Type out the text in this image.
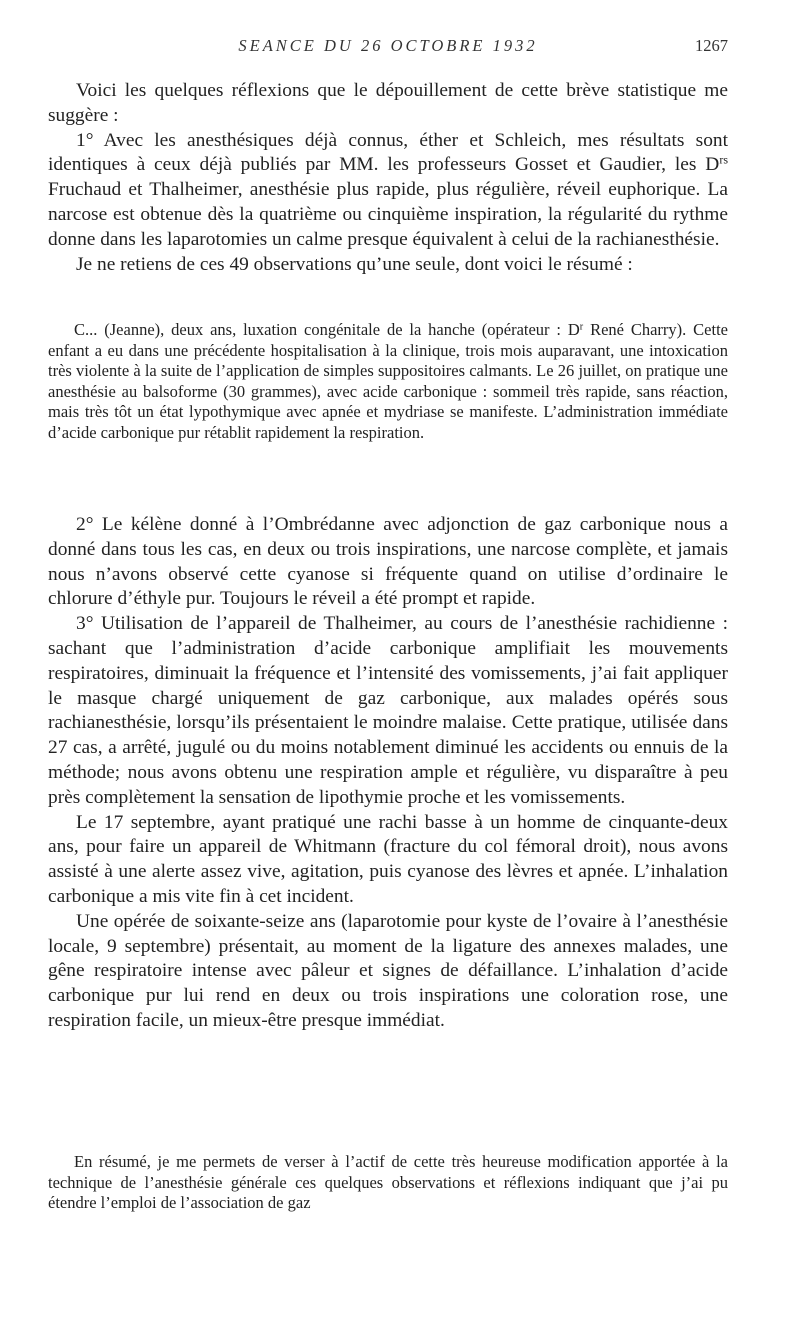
SEANCE DU 26 OCTOBRE 1932	1267

Voici les quelques réflexions que le dépouillement de cette brève statistique me suggère :

1° Avec les anesthésiques déjà connus, éther et Schleich, mes résultats sont identiques à ceux déjà publiés par MM. les professeurs Gosset et Gaudier, les $D^{rs}$ Fruchaud et Thalheimer, anesthésie plus rapide, plus régulière, réveil euphorique. La narcose est obtenue dès la quatrième ou cinquième inspiration, la régularité du rythme donne dans les laparotomies un calme presque équivalent à celui de la rachianesthésie.

Je ne retiens de ces 49 observations qu’une seule, dont voici le résumé :

C... (Jeanne), deux ans, luxation congénitale de la hanche (opérateur : $D^r$ René Charry). Cette enfant a eu dans une précédente hospitalisation à la clinique, trois mois auparavant, une intoxication très violente à la suite de l’application de simples suppositoires calmants. Le 26 juillet, on pratique une anesthésie au balsoforme (30 grammes), avec acide carbonique : sommeil très rapide, sans réaction, mais très tôt un état lypothymique avec apnée et mydriase se manifeste. L’administration immédiate d’acide carbonique pur rétablit rapidement la respiration.

2° Le kélène donné à l’Ombrédanne avec adjonction de gaz carbonique nous a donné dans tous les cas, en deux ou trois inspirations, une narcose complète, et jamais nous n’avons observé cette cyanose si fréquente quand on utilise d’ordinaire le chlorure d’éthyle pur. Toujours le réveil a été prompt et rapide.

3° Utilisation de l’appareil de Thalheimer, au cours de l’anesthésie rachidienne : sachant que l’administration d’acide carbonique amplifiait les mouvements respiratoires, diminuait la fréquence et l’intensité des vomissements, j’ai fait appliquer le masque chargé uniquement de gaz carbonique, aux malades opérés sous rachianesthésie, lorsqu’ils présentaient le moindre malaise. Cette pratique, utilisée dans 27 cas, a arrêté, jugulé ou du moins notablement diminué les accidents ou ennuis de la méthode; nous avons obtenu une respiration ample et régulière, vu disparaître à peu près complètement la sensation de lipothymie proche et les vomissements.

Le 17 septembre, ayant pratiqué une rachi basse à un homme de cinquante-deux ans, pour faire un appareil de Whitmann (fracture du col fémoral droit), nous avons assisté à une alerte assez vive, agitation, puis cyanose des lèvres et apnée. L’inhalation carbonique a mis vite fin à cet incident.

Une opérée de soixante-seize ans (laparotomie pour kyste de l’ovaire à l’anesthésie locale, 9 septembre) présentait, au moment de la ligature des annexes malades, une gêne respiratoire intense avec pâleur et signes de défaillance. L’inhalation d’acide carbonique pur lui rend en deux ou trois inspirations une coloration rose, une respiration facile, un mieux-être presque immédiat.

En résumé, je me permets de verser à l’actif de cette très heureuse modification apportée à la technique de l’anesthésie générale ces quelques observations et réflexions indiquant que j’ai pu étendre l’emploi de l’association de gaz
